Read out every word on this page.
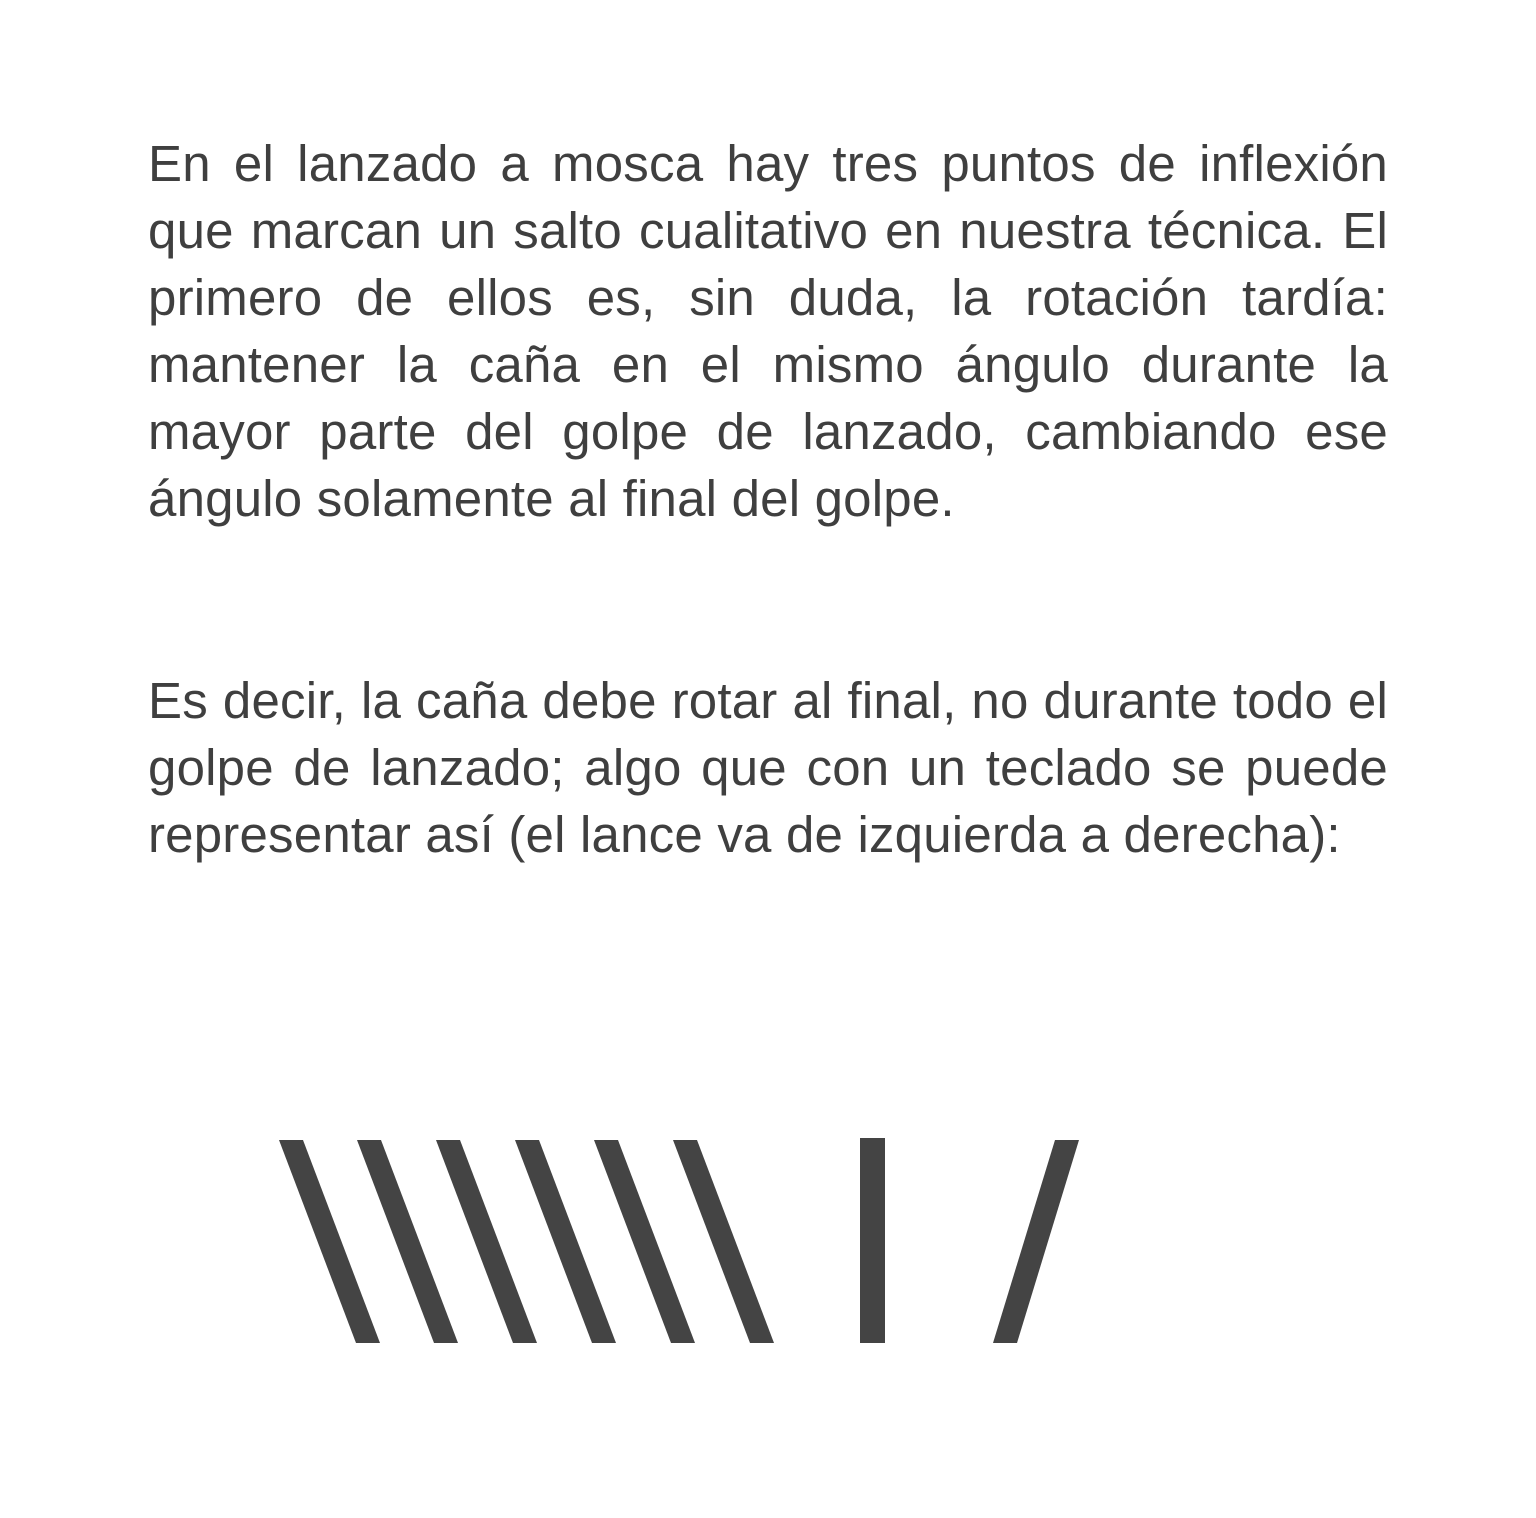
En el lanzado a mosca hay tres puntos de inflexión que marcan un salto cualitativo en nuestra técnica. El primero de ellos es, sin duda, la rotación tardía: mantener la caña en el mismo ángulo durante la mayor parte del golpe de lanzado, cambiando ese ángulo solamente al final del golpe.

Es decir, la caña debe rotar al final, no durante todo el golpe de lanzado; algo que con un teclado se puede representar así (el lance va de izquierda a derecha):
